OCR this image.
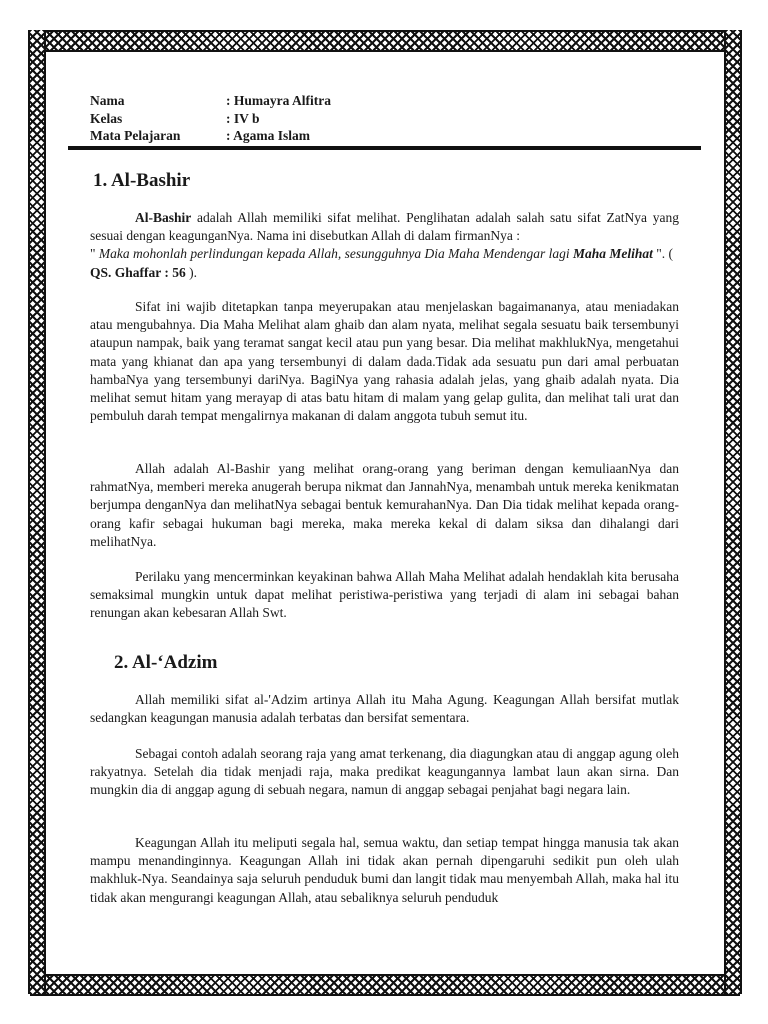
Nama	: Humayra Alfitra
Kelas	: IV b
Mata Pelajaran	: Agama Islam
1. Al-Bashir

Al-Bashir adalah Allah memiliki sifat melihat. Penglihatan adalah salah satu sifat ZatNya yang sesuai dengan keagunganNya. Nama ini disebutkan Allah di dalam firmanNya :

" Maka mohonlah perlindungan kepada Allah, sesungguhnya Dia Maha Mendengar lagi Maha Melihat ". ( QS. Ghaffar : 56 ).

Sifat ini wajib ditetapkan tanpa meyerupakan atau menjelaskan bagaimananya, atau meniadakan atau mengubahnya. Dia Maha Melihat alam ghaib dan alam nyata, melihat segala sesuatu baik tersembunyi ataupun nampak, baik yang teramat sangat kecil atau pun yang besar. Dia melihat makhlukNya, mengetahui mata yang khianat dan apa yang tersembunyi di dalam dada.Tidak ada sesuatu pun dari amal perbuatan hambaNya yang tersembunyi dariNya. BagiNya yang rahasia adalah jelas, yang ghaib adalah nyata. Dia melihat semut hitam yang merayap di atas batu hitam di malam yang gelap gulita, dan melihat tali urat dan pembuluh darah tempat mengalirnya makanan di dalam anggota tubuh semut itu.

Allah adalah Al-Bashir yang melihat orang-orang yang beriman dengan kemuliaanNya dan rahmatNya, memberi mereka anugerah berupa nikmat dan JannahNya, menambah untuk mereka kenikmatan berjumpa denganNya dan melihatNya sebagai bentuk kemurahanNya. Dan Dia tidak melihat kepada orang-orang kafir sebagai hukuman bagi mereka, maka mereka kekal di dalam siksa dan dihalangi dari melihatNya.

Perilaku yang mencerminkan keyakinan bahwa Allah Maha Melihat adalah hendaklah kita berusaha semaksimal mungkin untuk dapat melihat peristiwa-peristiwa yang terjadi di alam ini sebagai bahan renungan akan kebesaran Allah Swt.

2. Al-‘Adzim

Allah memiliki sifat al-'Adzim artinya Allah itu Maha Agung. Keagungan Allah bersifat mutlak sedangkan keagungan manusia adalah terbatas dan bersifat sementara.

Sebagai contoh adalah seorang raja yang amat terkenang, dia diagungkan atau di anggap agung oleh rakyatnya. Setelah dia tidak menjadi raja, maka predikat keagungannya lambat laun akan sirna. Dan mungkin dia di anggap agung di sebuah negara, namun di anggap sebagai penjahat bagi negara lain.

Keagungan Allah itu meliputi segala hal, semua waktu, dan setiap tempat hingga manusia tak akan mampu menandinginnya. Keagungan Allah ini tidak akan pernah dipengaruhi sedikit pun oleh ulah makhluk-Nya. Seandainya saja seluruh penduduk bumi dan langit tidak mau menyembah Allah, maka hal itu tidak akan mengurangi keagungan Allah, atau sebaliknya seluruh penduduk
